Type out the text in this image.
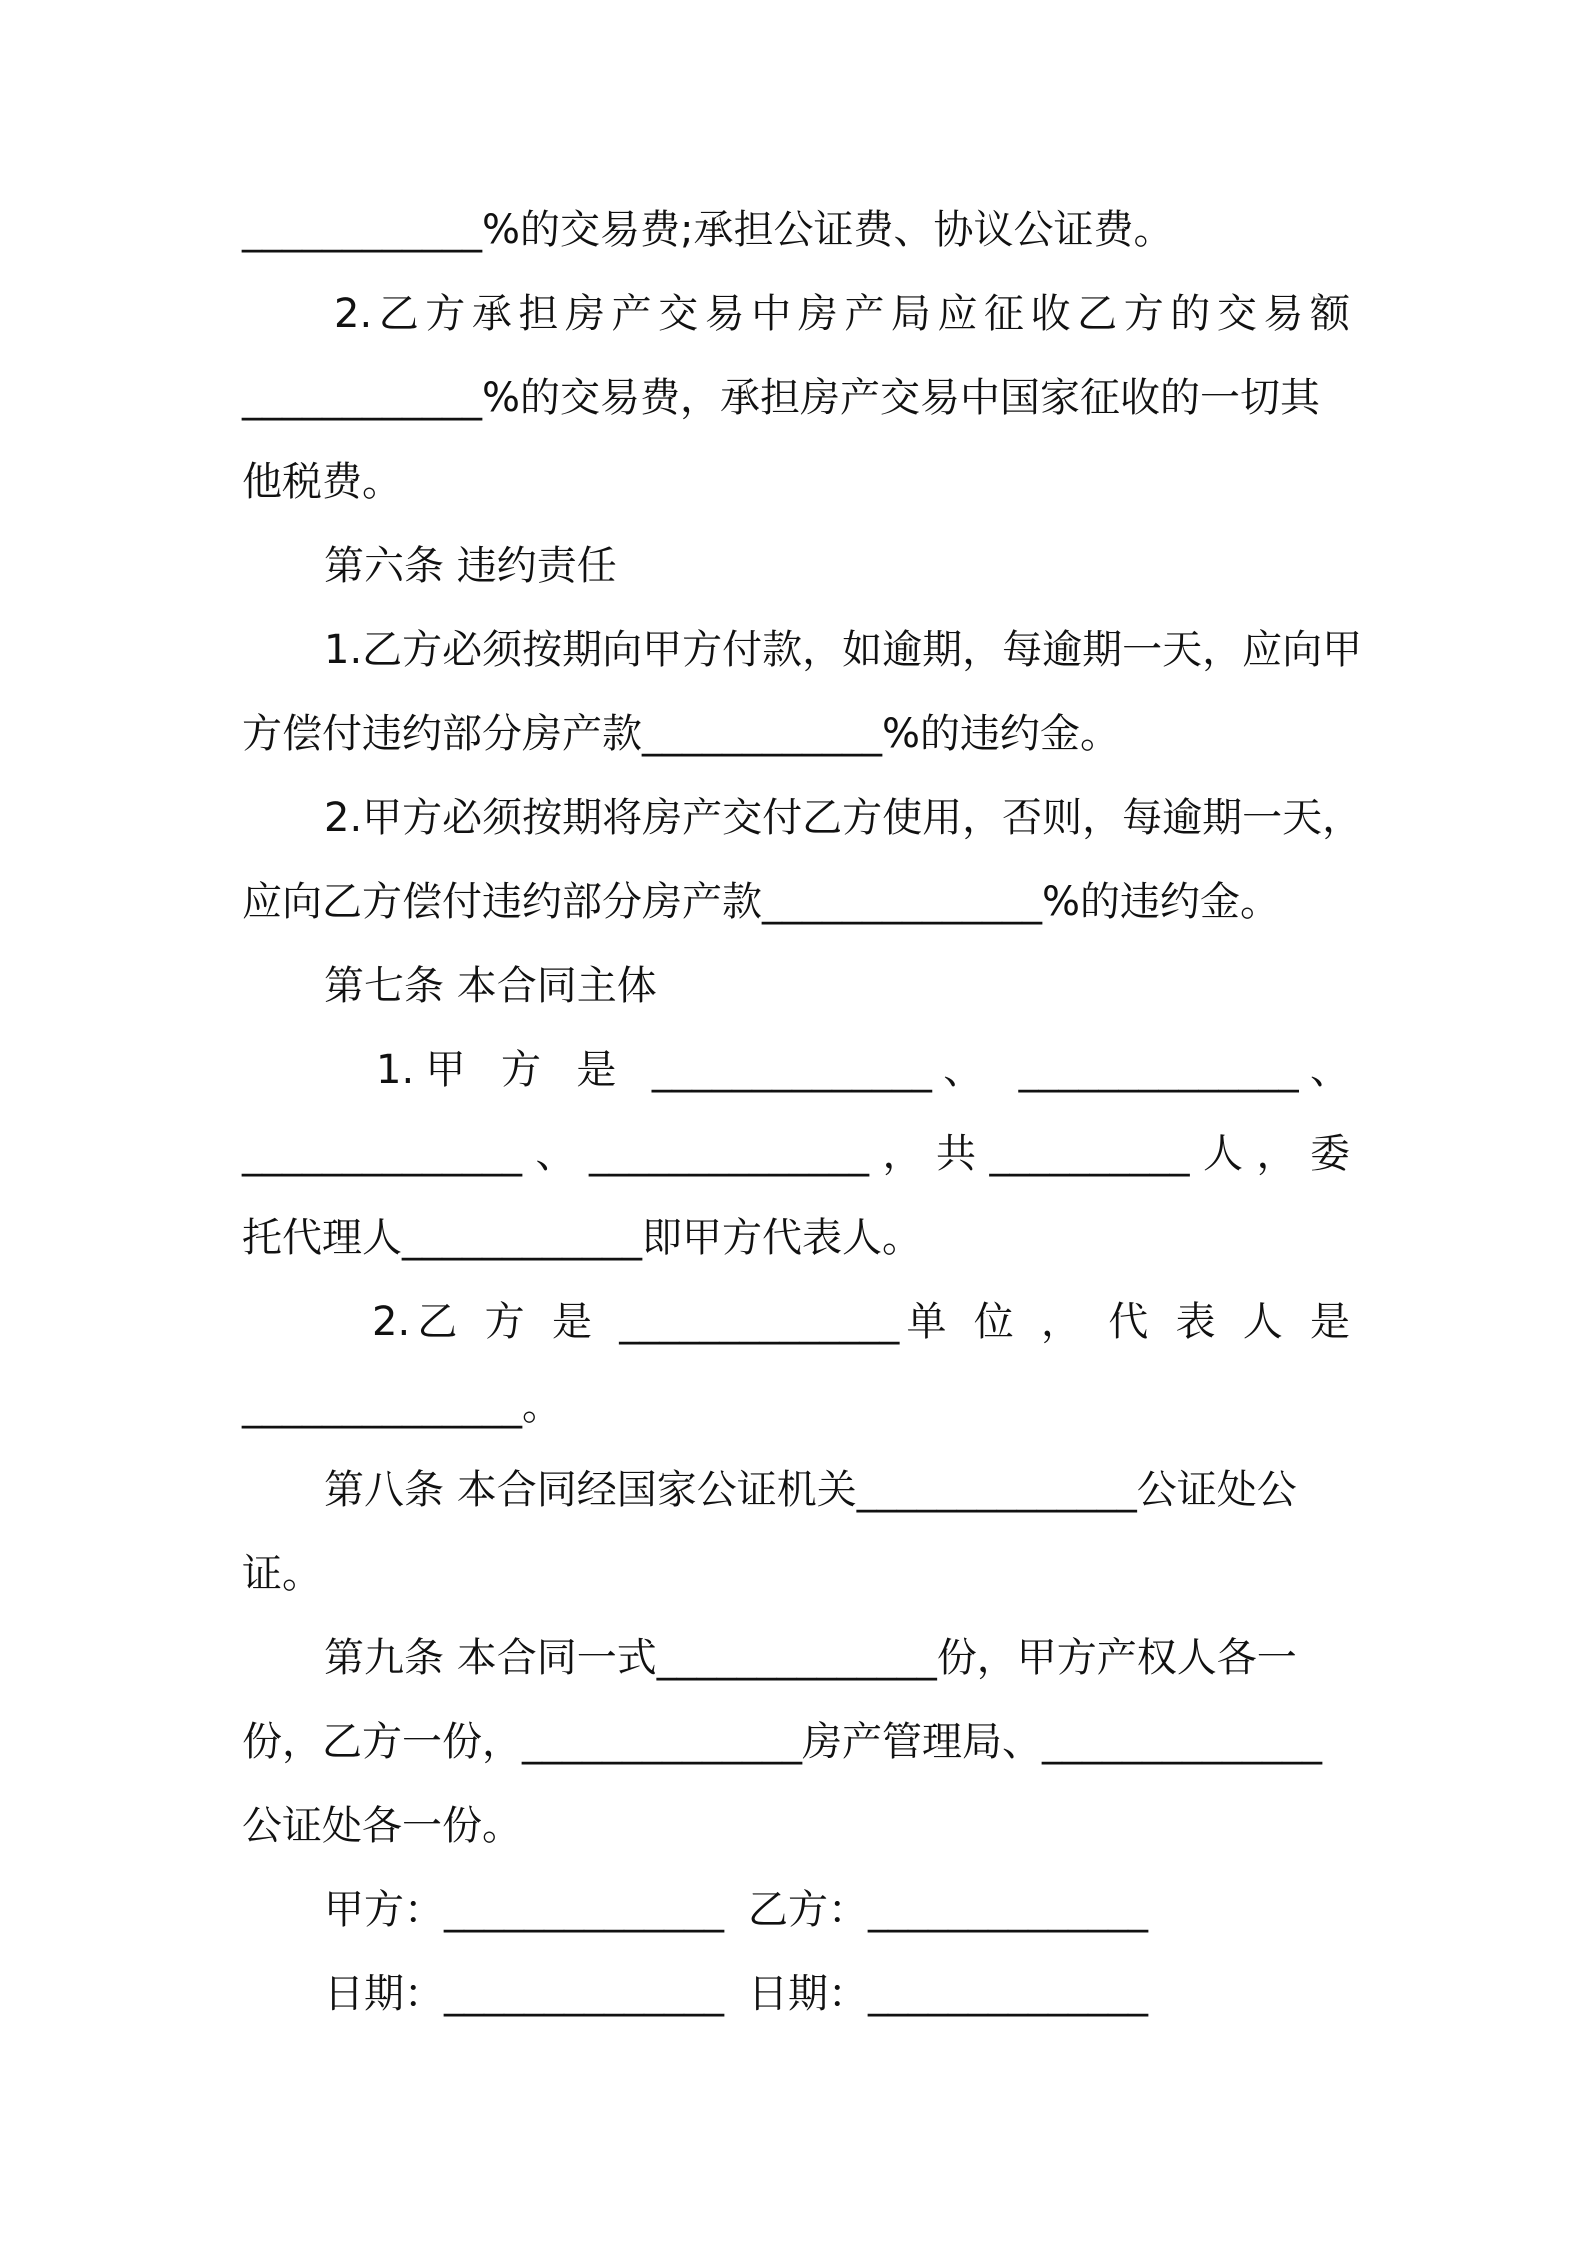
____________%的交易费;承担公证费、协议公证费。
2.乙方承担房产交易中房产局应征收乙方的交易额
____________%的交易费，承担房产交易中国家征收的一切其
他税费。
第六条 违约责任
1.乙方必须按期向甲方付款，如逾期，每逾期一天，应向甲
方偿付违约部分房产款____________%的违约金。
2.甲方必须按期将房产交付乙方使用，否则，每逾期一天，
应向乙方偿付违约部分房产款______________%的违约金。
第七条 本合同主体
1.甲 方 是 ______________、 ______________、
______________、______________，共__________人，委
托代理人____________即甲方代表人。
2.乙 方 是 ______________单 位 ， 代 表 人 是
______________。
第八条 本合同经国家公证机关______________公证处公
证。
第九条 本合同一式______________份，甲方产权人各一
份，乙方一份，______________房产管理局、______________
公证处各一份。
甲方：______________ 乙方：______________
日期：______________ 日期：______________
